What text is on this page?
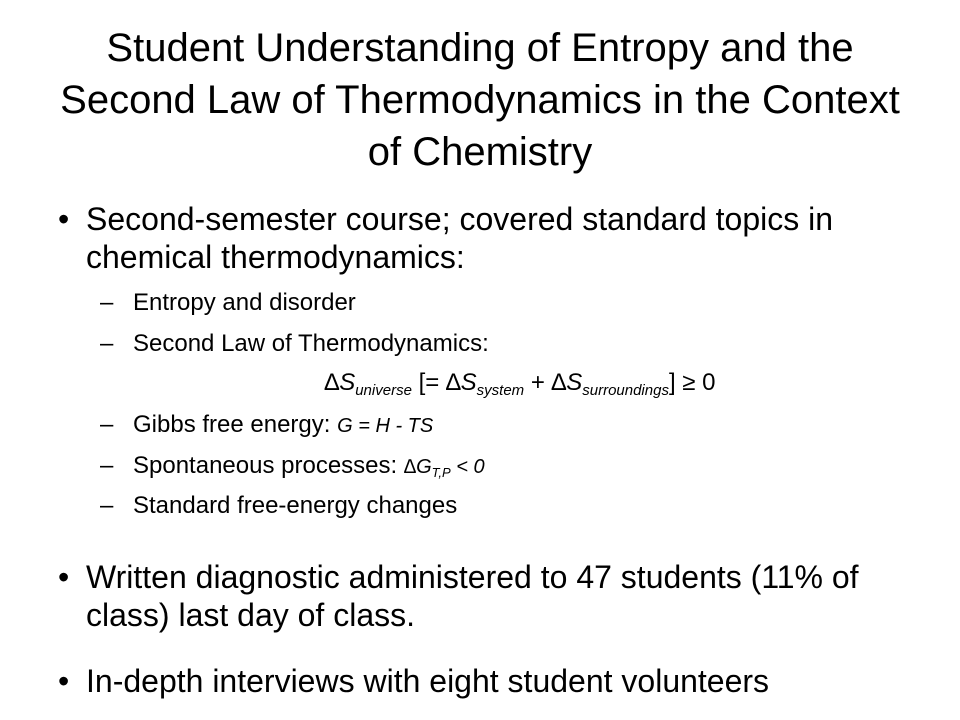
Student Understanding of Entropy and the Second Law of Thermodynamics in the Context of Chemistry
• Second-semester course; covered standard topics in chemical thermodynamics:
– Entropy and disorder
– Second Law of Thermodynamics:
$\Delta S_{universe}$ [= $\Delta S_{system} + \Delta S_{surroundings}] \ge 0$
– Gibbs free energy: G = H - TS
– Spontaneous processes: $\Delta G_{T,P} < 0$
– Standard free-energy changes
• Written diagnostic administered to 47 students (11% of class) last day of class.
• In-depth interviews with eight student volunteers
